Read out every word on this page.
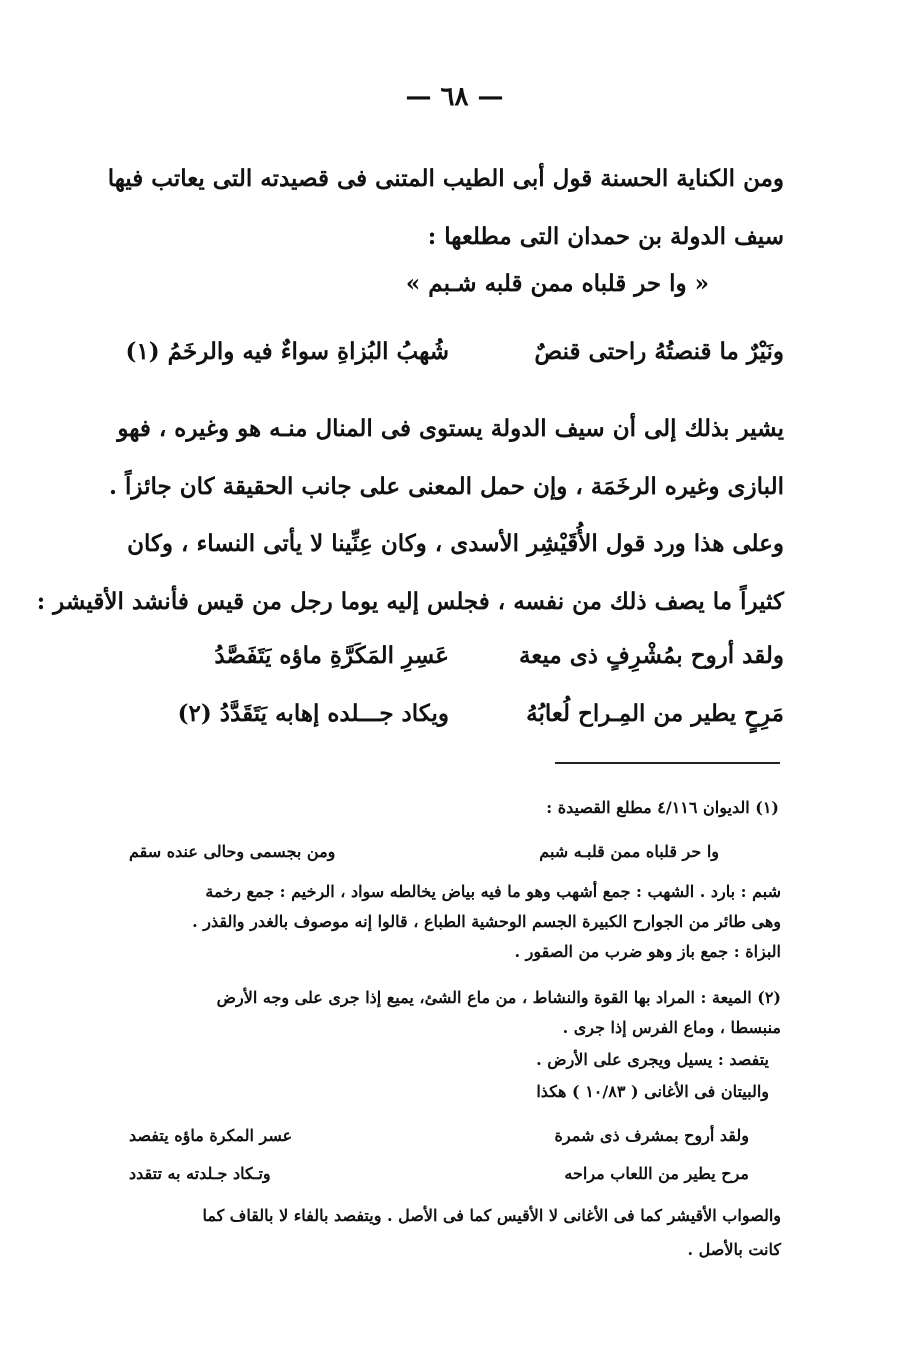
— ٦٨ —
ومن الكناية الحسنة قول أبى الطيب المتنى فى قصيدته التى يعاتب فيها
سيف الدولة بن حمدان التى مطلعها :
« وا حر قلباه ممن قلبه شـبم »
ونَيْرٌ ما قنصتُهُ راحتى قنصٌ
شُهبُ البُزاةِ سواءٌ فيه والرخَمُ (١)
يشير بذلك إلى أن سيف الدولة يستوى فى المنال منـه هو وغيره ، فهو
البازى وغيره الرخَمَة ، وإن حمل المعنى على جانب الحقيقة كان جائزاً .
وعلى هذا ورد قول الأُقَيْشِر الأسدى ، وكان عِنِّينا لا يأتى النساء ، وكان
كثيراً ما يصف ذلك من نفسه ، فجلس إليه يوما رجل من قيس فأنشد الأقيشر :
ولقد أروح بمُشْرِفٍ ذى ميعة
عَسِرِ المَكَرَّةِ ماؤه يَتَفَصَّدُ
مَرِحٍ يطير من المِـراح لُعابُهُ
ويكاد جـــلده إهابه يَتَقَدَّدُ (٢)
(١) الديوان ٤/١١٦ مطلع القصيدة :
وا حر قلباه ممن قلبـه شبم
ومن بجسمى وحالى عنده سقم
شبم : بارد . الشهب : جمع أشهب وهو ما فيه بياض يخالطه سواد ، الرخيم : جمع رخمة
وهى طائر من الجوارح الكبيرة الجسم الوحشية الطباع ، قالوا إنه موصوف بالغدر والقذر .
البزاة : جمع باز وهو ضرب من الصقور .
(٢) الميعة : المراد بها القوة والنشاط ، من ماع الشئ، يميع إذا جرى على وجه الأرض
منبسطا ، وماع الفرس إذا جرى .
يتفصد : يسيل ويجرى على الأرض .
والبيتان فى الأغانى ( ١٠/٨٣ ) هكذا
ولقد أروح بمشرف ذى شمرة
عسر المكرة ماؤه يتفصد
مرح يطير من اللعاب مراحه
وتـكاد جـلدته به تتقدد
والصواب الأقيشر كما فى الأغانى لا الأقيس كما فى الأصل . ويتفصد بالفاء لا بالقاف كما
كانت بالأصل .
